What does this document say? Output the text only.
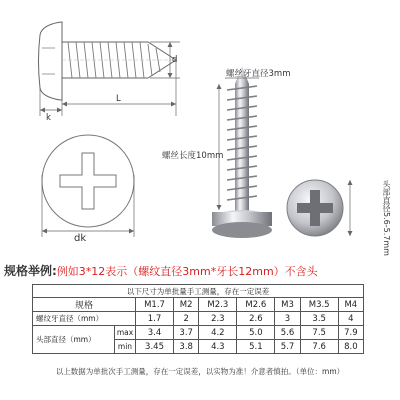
d
k
L
dk
螺丝牙直径3mm
螺丝长度10mm
头部直径5.6-5.7mm
规格举例: 例如3*12表示（螺纹直径3mm*牙长12mm）不含头
以下尺寸为单批量手工测量，存在一定误差								
规格		M1.7	M2	M2.3	M2.6	M3	M3.5	M4
螺纹牙直径（mm）		1.7	2	2.3	2.6	3	3.5	4
头部直径（mm）	max	3.4	3.7	4.2	5.0	5.6	7.5	7.9
	min	3.45	3.8	4.3	5.1	5.7	7.6	8.0
以上数据为单批次手工测量，存在一定误差，以实物为准！介意者慎拍。（单位：mm）
